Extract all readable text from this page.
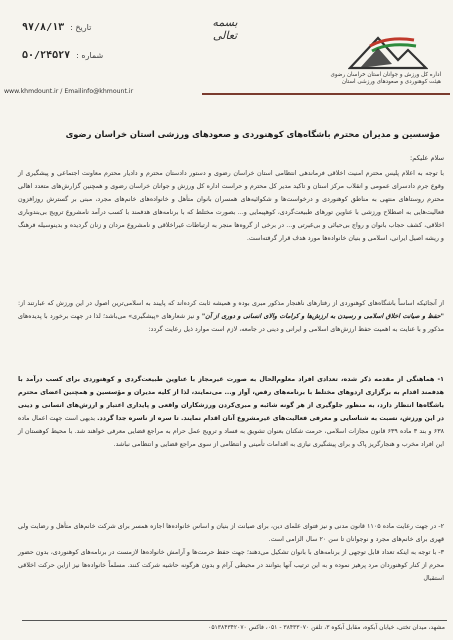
تاریخ :
۹۷/۸/۱۳
شماره :
۵۰/۲۴۵۲۷
بسمه تعالی
اداره کل ورزش و جوانان استان خراسان رضوی
هیئت کوهنوردی و صعودهای ورزشی استان
www.khmdount.ir / Emailinfo@khmount.ir
مؤسسین و مدیران محترم باشگاه‌های کوهنوردی و صعودهای ورزشی استان خراسان رضوی
سلام علیکم:
با توجه به اعلام پلیس محترم امنیت اخلاقی فرماندهی انتظامی استان خراسان رضوی و دستور دادستان محترم و دادیار محترم معاونت اجتماعی و پیشگیری از وقوع جرم دادسرای عمومی و انقلاب مرکز استان و تاکید مدیر کل محترم و حراست اداره کل ورزش و جوانان خراسان رضوی و همچنین گزارش‌های متعدد اهالی محترم روستاهای منتهی به مناطق کوهنوردی و درخواست‌ها و شکوائیه‌های همسران بانوان متأهل و خانواده‌های خانم‌های مجرد، مبنی بر گسترش روزافزون فعالیت‌هایی به اصطلاح ورزشی با عناوین تورهای طبیعت‌گردی، کوهپیمایی و... بصورت مختلط که با برنامه‌های هدفمند با کسب درآمد نامشروع ترویج بی‌بندوباری اخلاقی، کشف حجاب بانوان و رواج بی‌حیائی و بی‌غیرتی و... در برخی از گروه‌ها منجر به ارتباطات غیراخلاقی و نامشروع مردان و زنان گردیده و بدینوسیله فرهنگ و ریشه اصیل ایرانی، اسلامی و بنیان خانواده‌ها مورد هدف قرار گرفته‌است.
از آنجائیکه اساساً باشگاه‌های کوهنوردی از رفتارهای ناهنجار مذکور مبری بوده و همیشه ثابت کرده‌اند که پایبند به اسلامی‌ترین اصول در این ورزش که عبارتند از: "حفظ و صیانت اخلاق اسلامی و رسیدن به ارزش‌ها و کرامات والای انسانی و دوری از آن" و نیز شعارهای «پیشگیری» می‌باشد؛ لذا در جهت برخورد با پدیده‌های مذکور و با عنایت به اهمیت حفظ ارزش‌های اسلامی و ایرانی و دینی در جامعه، لازم است موارد ذیل رعایت گردد:
۱- هماهنگی از مقدمه ذکر شده، تعدادی افراد معلوم‌الحال به صورت غیرمجاز با عناوین طبیعت‌گردی و کوهنوردی برای کسب درآمد با هدفمند اقدام به برگزاری اردوهای مختلط با برنامه‌های رقص، آواز و... می‌نمایند، لذا از کلیه مدیران و مؤسسین و همچنین اعضای محترم باشگاه‌ها انتظار دارد، به منظور جلوگیری از هر گونه شائبه و مبری‌کردن ورزشکاران واقعی و پایداری اعتبار و ارزش‌های انسانی و دینی در این ورزش، نسبت به شناسایی و معرفی فعالیت‌های غیرمشروع آنان اقدام نمایند. تا سره از ناسره جدا گردد. بدیهی است جهت اعمال ماده ۶۳۸ و بند ۳ ماده ۶۳۹ قانون مجازات اسلامی، حرمت شکنان بعنوان تشویق به فساد و ترویج عمل حرام به مراجع قضایی معرفی خواهند شد. با محیط کوهستان از این افراد مخرب و هنجارگریز پاک و برای پیشگیری نیازی به اقدامات تأمینی و انتظامی از سوی مراجع قضایی و انتظامی نباشد.
۲- در جهت رعایت ماده ۱۱۰۵ قانون مدنی و نیز فتوای علمای دین، برای صیانت از بنیان و اساس خانواده‌ها اجازه همسر برای شرکت خانم‌های متأهل و رضایت ولی قهری برای خانم‌های مجرد و نوجوانان تا سن ۲۰ سال الزامی است.
۳- با توجه به اینکه تعداد قابل توجهی از برنامه‌های با بانوان تشکیل می‌دهند؛ جهت حفظ حرمت‌ها و آرامش خانواده‌ها لازمست در برنامه‌های کوهنوردی، بدون حضور محرم از کنار کوهنوردان مرد پرهیز نموده و به این ترتیب آنها بتوانند در محیطی آرام و بدون هرگونه حاشیه شرکت کنند. مسلماً خانواده‌ها نیز ازاین حرکت اخلاقی استقبال
مشهد، میدان تختی، خیابان آبکوه، مقابل آبکوه ۳، تلفن ۳۸۴۳۳۰۷۰ - ۰۵۱، فاکس ۰۵۱۳۸۴۳۴۲۰۷۰
